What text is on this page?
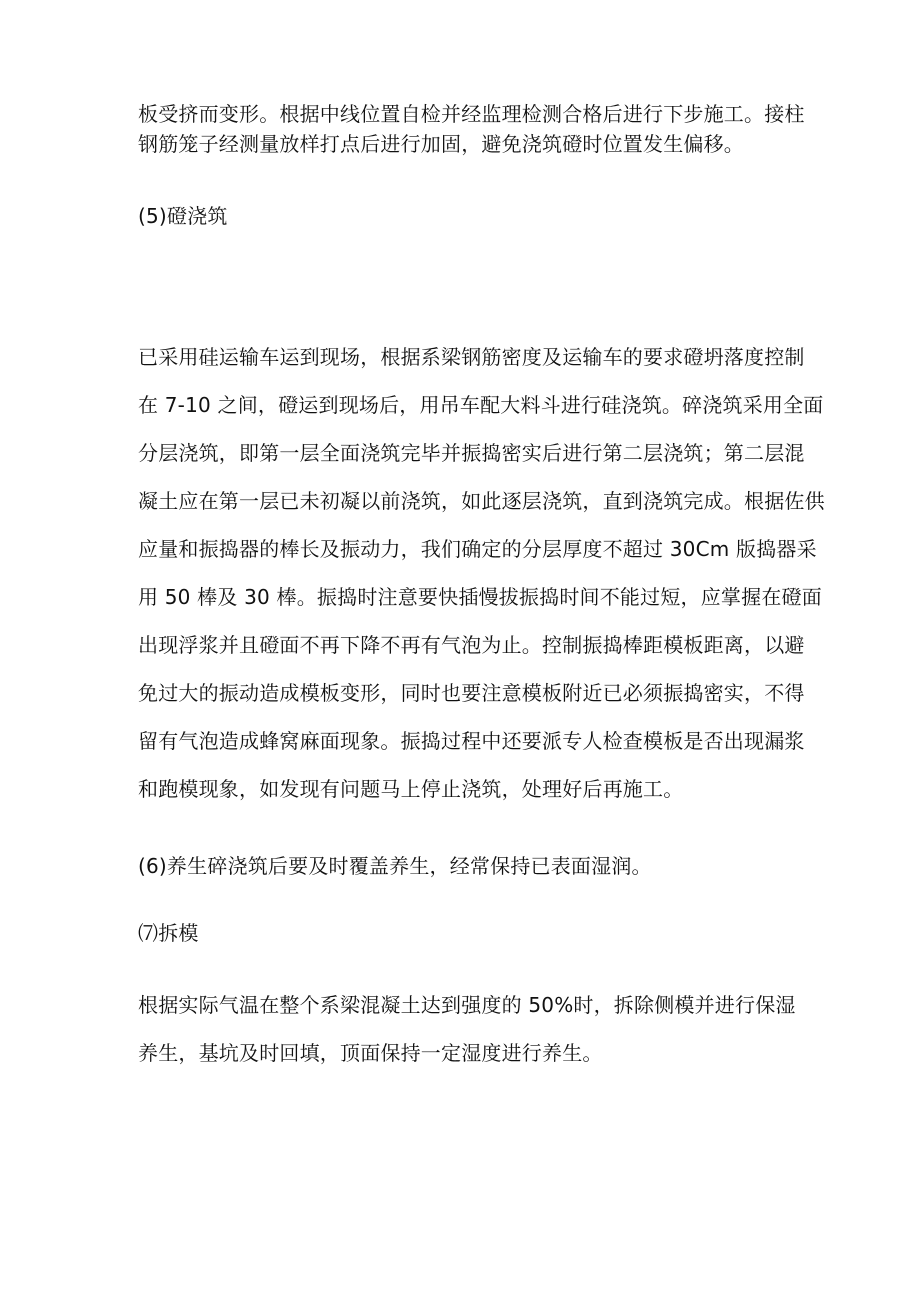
板受挤而变形。根据中线位置自检并经监理检测合格后进行下步施工。接柱
钢筋笼子经测量放样打点后进行加固，避免浇筑磴时位置发生偏移。
(5)磴浇筑
已采用硅运输车运到现场，根据系梁钢筋密度及运输车的要求磴坍落度控制
在 7-10 之间，磴运到现场后，用吊车配大料斗进行硅浇筑。碎浇筑采用全面
分层浇筑，即第一层全面浇筑完毕并振捣密实后进行第二层浇筑；第二层混
凝土应在第一层已未初凝以前浇筑，如此逐层浇筑，直到浇筑完成。根据佐供
应量和振捣器的棒长及振动力，我们确定的分层厚度不超过 30Cm 版捣器采
用 50 棒及 30 棒。振捣时注意要快插慢拔振捣时间不能过短，应掌握在磴面
出现浮浆并且磴面不再下降不再有气泡为止。控制振捣棒距模板距离，以避
免过大的振动造成模板变形，同时也要注意模板附近已必须振捣密实，不得
留有气泡造成蜂窝麻面现象。振捣过程中还要派专人检查模板是否出现漏浆
和跑模现象，如发现有问题马上停止浇筑，处理好后再施工。
(6)养生碎浇筑后要及时覆盖养生，经常保持已表面湿润。
⑺拆模
根据实际气温在整个系梁混凝土达到强度的 50%时，拆除侧模并进行保湿
养生，基坑及时回填，顶面保持一定湿度进行养生。
